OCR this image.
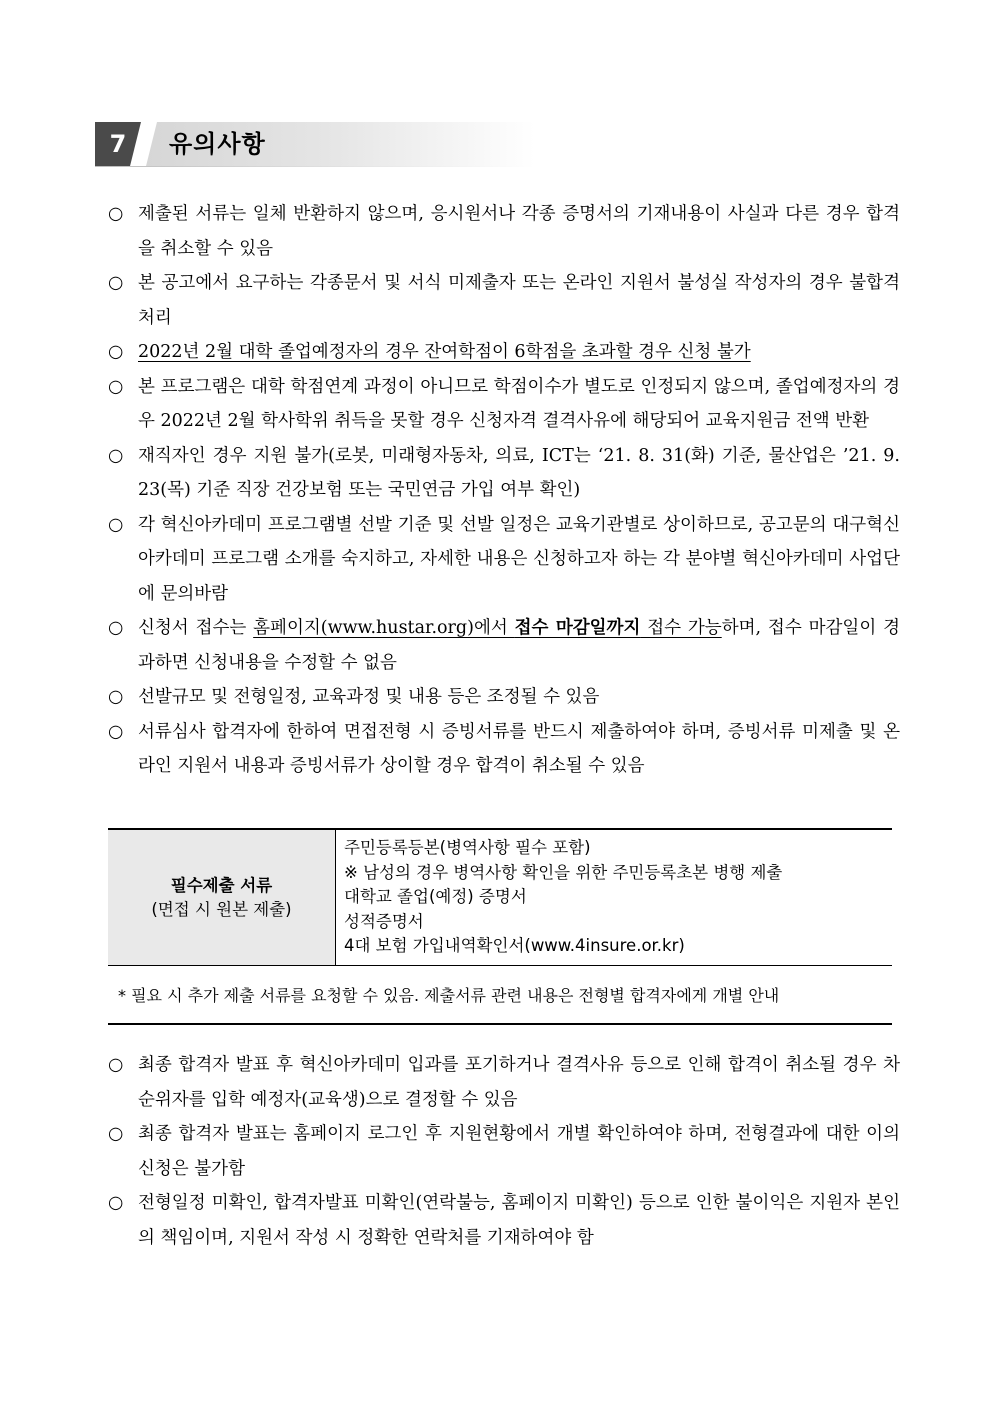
7	유의사항
○ 제출된 서류는 일체 반환하지 않으며, 응시원서나 각종 증명서의 기재내용이 사실과 다른 경우 합격을 취소할 수 있음
○ 본 공고에서 요구하는 각종문서 및 서식 미제출자 또는 온라인 지원서 불성실 작성자의 경우 불합격 처리
○ 2022년 2월 대학 졸업예정자의 경우 잔여학점이 6학점을 초과할 경우 신청 불가
○ 본 프로그램은 대학 학점연계 과정이 아니므로 학점이수가 별도로 인정되지 않으며, 졸업예정자의 경우 2022년 2월 학사학위 취득을 못할 경우 신청자격 결격사유에 해당되어 교육지원금 전액 반환
○ 재직자인 경우 지원 불가(로봇, 미래형자동차, 의료, ICT는 ‘21. 8. 31(화) 기준, 물산업은 ’21. 9. 23(목) 기준 직장 건강보험 또는 국민연금 가입 여부 확인)
○ 각 혁신아카데미 프로그램별 선발 기준 및 선발 일정은 교육기관별로 상이하므로, 공고문의 대구혁신아카데미 프로그램 소개를 숙지하고, 자세한 내용은 신청하고자 하는 각 분야별 혁신아카데미 사업단에 문의바람
○ 신청서 접수는 홈페이지(www.hustar.org)에서 접수 마감일까지 접수 가능하며, 접수 마감일이 경과하면 신청내용을 수정할 수 없음
○ 선발규모 및 전형일정, 교육과정 및 내용 등은 조정될 수 있음
○ 서류심사 합격자에 한하여 면접전형 시 증빙서류를 반드시 제출하여야 하며, 증빙서류 미제출 및 온라인 지원서 내용과 증빙서류가 상이할 경우 합격이 취소될 수 있음
필수제출 서류
(면접 시 원본 제출)
주민등록등본(병역사항 필수 포함)
※ 남성의 경우 병역사항 확인을 위한 주민등록초본 병행 제출
대학교 졸업(예정) 증명서
성적증명서
4대 보험 가입내역확인서(www.4insure.or.kr)
* 필요 시 추가 제출 서류를 요청할 수 있음. 제출서류 관련 내용은 전형별 합격자에게 개별 안내
○ 최종 합격자 발표 후 혁신아카데미 입과를 포기하거나 결격사유 등으로 인해 합격이 취소될 경우 차순위자를 입학 예정자(교육생)으로 결정할 수 있음
○ 최종 합격자 발표는 홈페이지 로그인 후 지원현황에서 개별 확인하여야 하며, 전형결과에 대한 이의신청은 불가함
○ 전형일정 미확인, 합격자발표 미확인(연락불능, 홈페이지 미확인) 등으로 인한 불이익은 지원자 본인의 책임이며, 지원서 작성 시 정확한 연락처를 기재하여야 함
